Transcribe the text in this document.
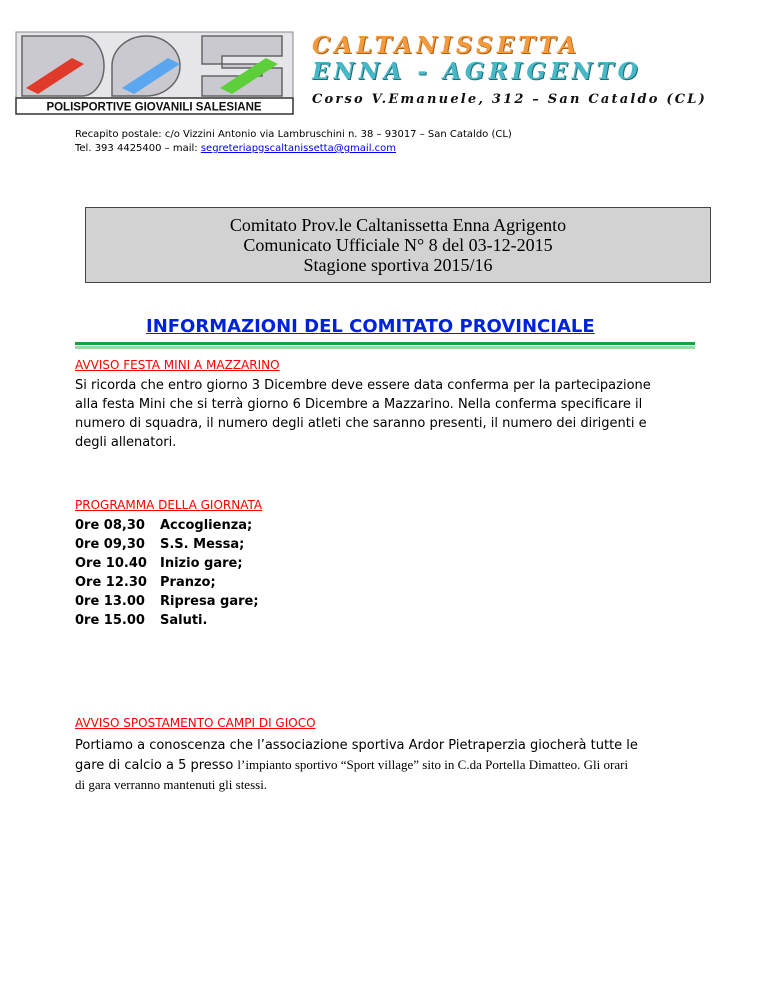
POLISPORTIVE GIOVANILI SALESIANE
CALTANISSETTA
ENNA - AGRIGENTO
Corso V.Emanuele, 312 – San Cataldo (CL)
Recapito postale: c/o Vizzini Antonio via Lambruschini n. 38 – 93017 – San Cataldo (CL)
Tel. 393 4425400 – mail: segreteriapgscaltanissetta@gmail.com
Comitato Prov.le Caltanissetta Enna Agrigento
Comunicato Ufficiale N° 8 del 03-12-2015
Stagione sportiva 2015/16
INFORMAZIONI DEL COMITATO PROVINCIALE
AVVISO FESTA MINI A MAZZARINO
Si ricorda che entro giorno 3 Dicembre deve essere data conferma per la partecipazione
alla festa Mini che si terrà giorno 6 Dicembre a Mazzarino. Nella conferma specificare il
numero di squadra, il numero degli atleti che saranno presenti, il numero dei dirigenti e
degli allenatori.
PROGRAMMA DELLA GIORNATA
0re 08,30 Accoglienza;
0re 09,30 S.S. Messa;
Ore 10.40 Inizio gare;
Ore 12.30 Pranzo;
0re 13.00 Ripresa gare;
0re 15.00 Saluti.
AVVISO SPOSTAMENTO CAMPI DI GIOCO
Portiamo a conoscenza che l’associazione sportiva Ardor Pietraperzia giocherà tutte le
gare di calcio a 5 presso l’impianto sportivo “Sport village” sito in C.da Portella Dimatteo. Gli orari
di gara verranno mantenuti gli stessi.
